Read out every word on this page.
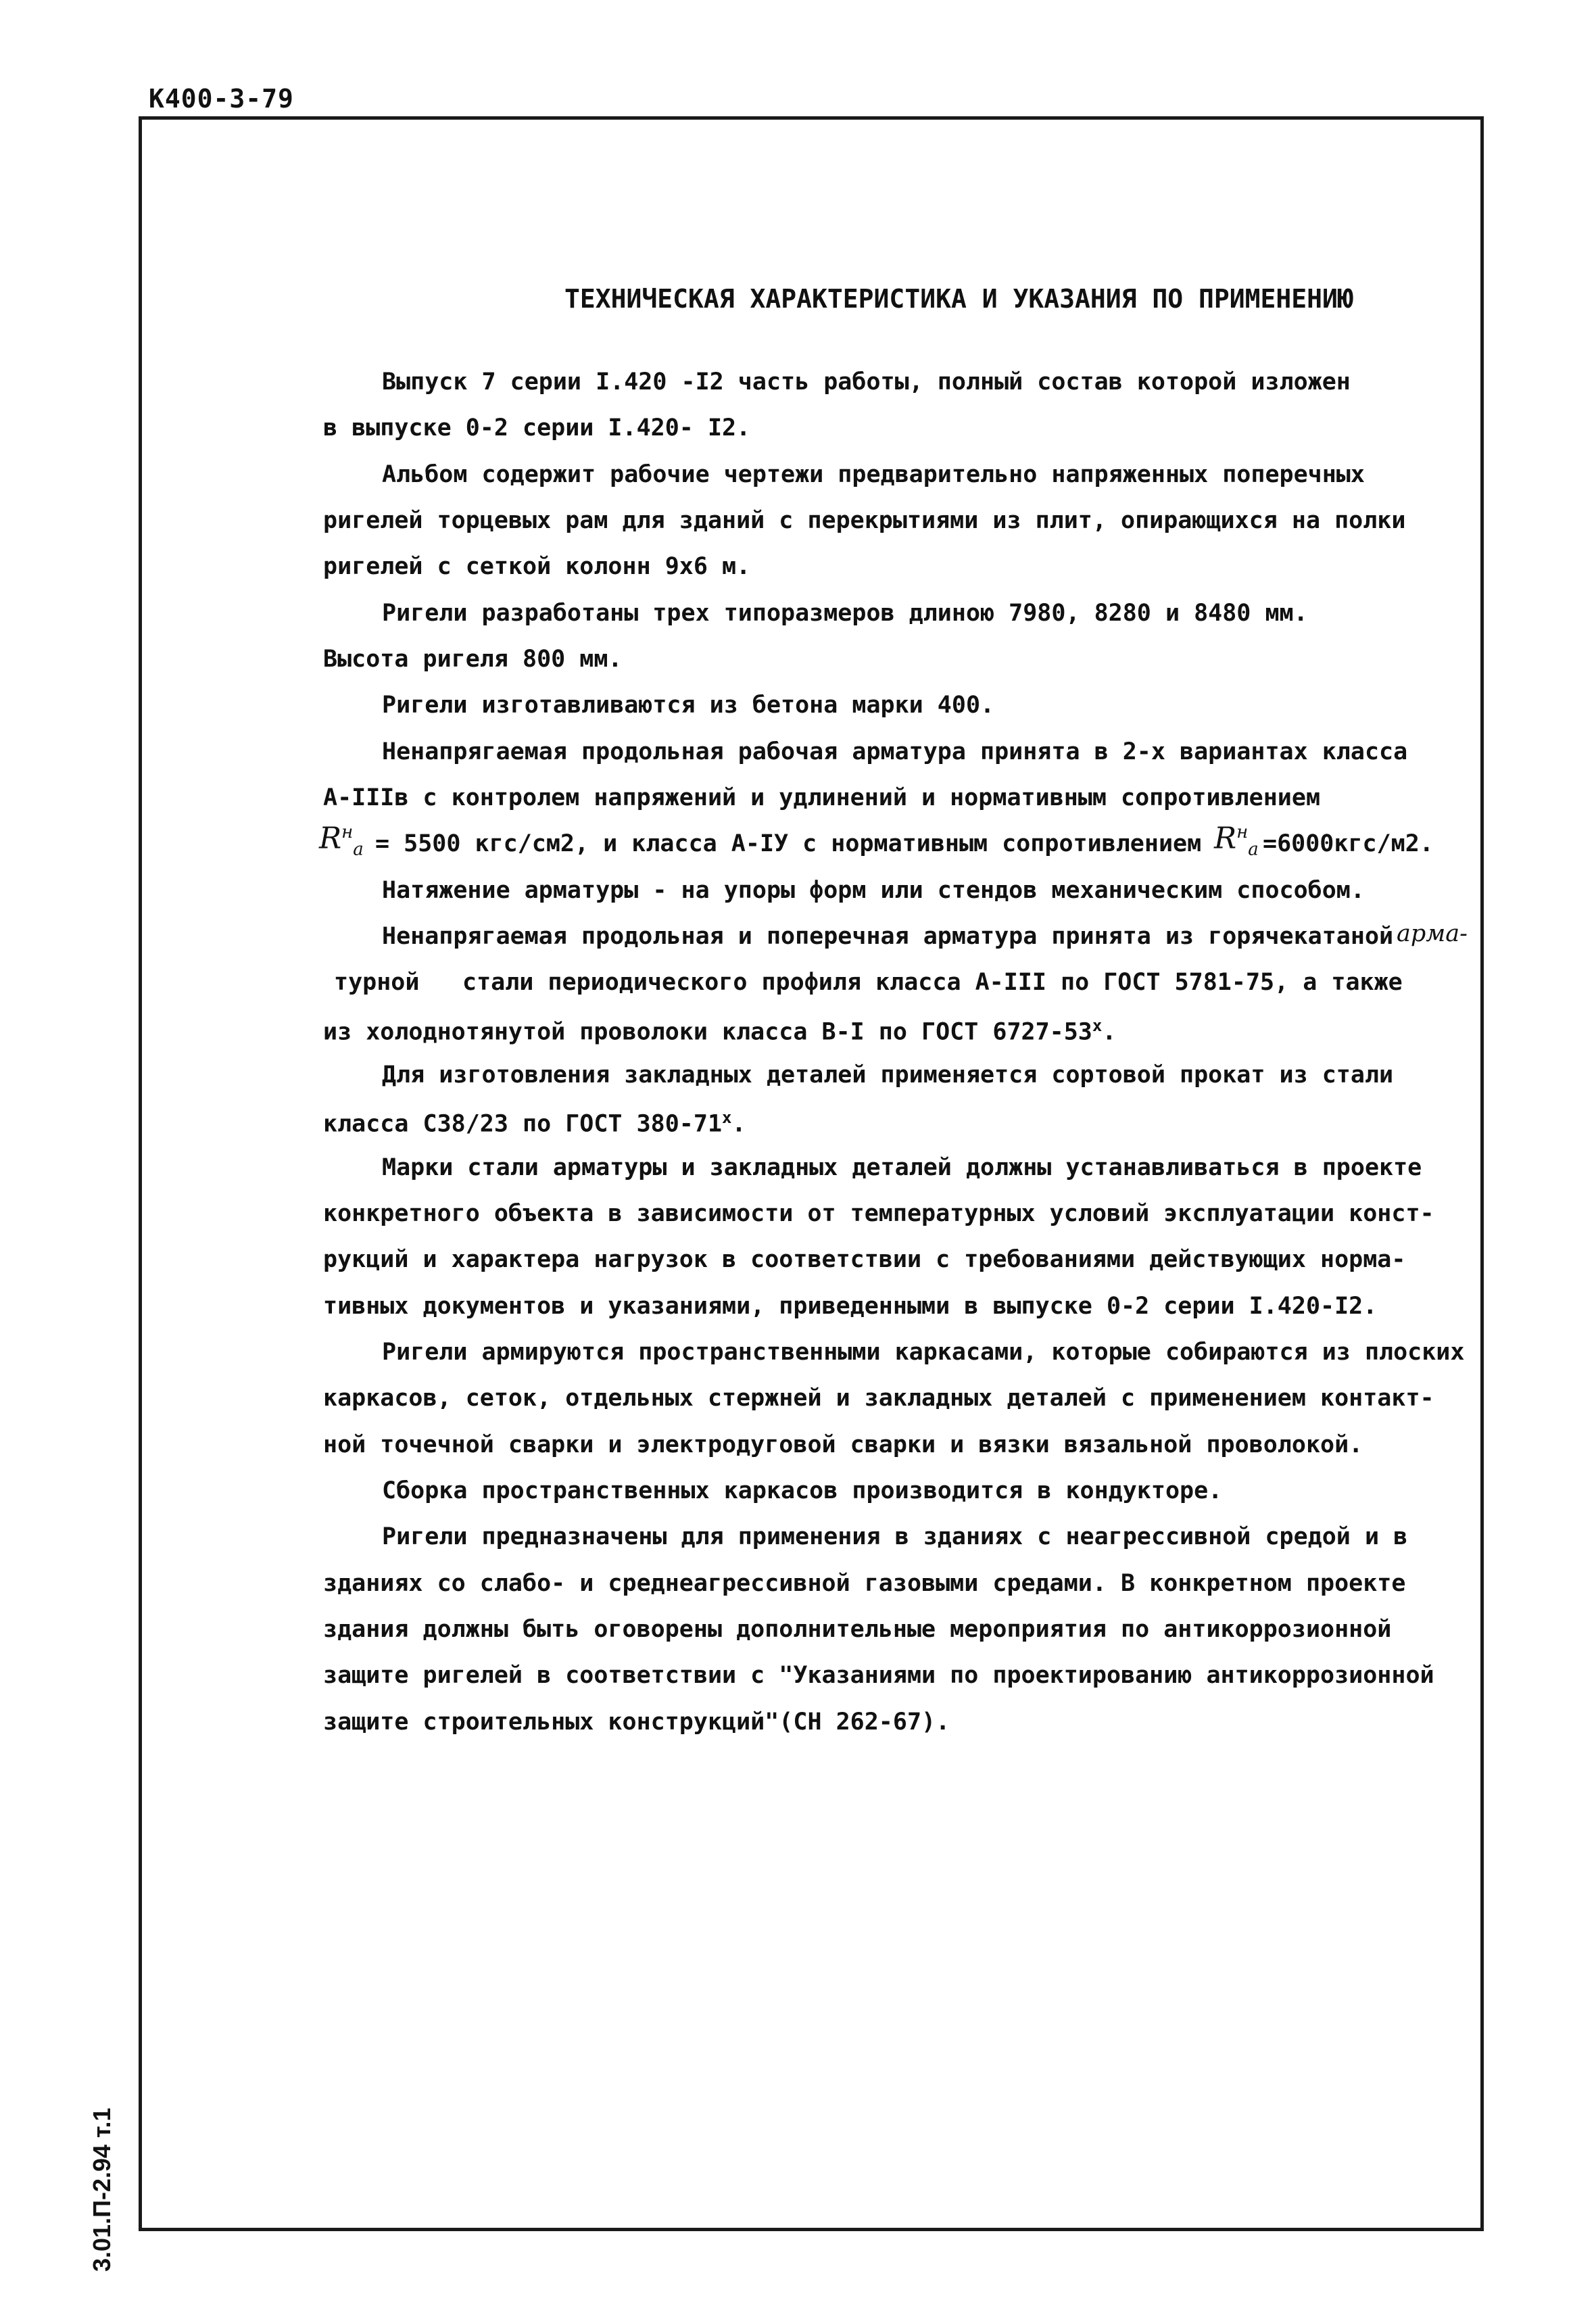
К400-3-79
3.01.П-2.94 т.1
ТЕХНИЧЕСКАЯ ХАРАКТЕРИСТИКА И УКАЗАНИЯ ПО ПРИМЕНЕНИЮ
Выпуск 7 серии I.420 -I2 часть работы, полный состав которой изложен
в выпуске 0-2 серии I.420- I2.
Альбом содержит рабочие чертежи предварительно напряженных поперечных
ригелей торцевых рам для зданий с перекрытиями из плит, опирающихся на полки
ригелей с сеткой колонн 9х6 м.
Ригели разработаны трех типоразмеров длиною 7980, 8280 и 8480 мм.
Высота ригеля 800 мм.
Ригели изготавливаются из бетона марки 400.
Ненапрягаемая продольная рабочая арматура принята в 2-х вариантах класса
А-IIIв с контролем напряжений и удлинений и нормативным сопротивлением
$R^н_а = 5500$ кгс/см2, и класса А-IУ с нормативным сопротивлением $R^н_а =6000кгс/м2$.
Натяжение арматуры - на упоры форм или стендов механическим способом.
Ненапрягаемая продольная и поперечная арматура принята из горячекатаной арма-
турной стали периодического профиля класса А-III по ГОСТ 5781-75, а также
из холоднотянутой проволоки класса В-I по ГОСТ $6727-53^х$.
Для изготовления закладных деталей применяется сортовой прокат из стали
класса С38/23 по ГОСТ $380-71^х$.
Марки стали арматуры и закладных деталей должны устанавливаться в проекте
конкретного объекта в зависимости от температурных условий эксплуатации конст-
рукций и характера нагрузок в соответствии с требованиями действующих норма-
тивных документов и указаниями, приведенными в выпуске 0-2 серии I.420-I2.
Ригели армируются пространственными каркасами, которые собираются из плоских
каркасов, сеток, отдельных стержней и закладных деталей с применением контакт-
ной точечной сварки и электродуговой сварки и вязки вязальной проволокой.
Сборка пространственных каркасов производится в кондукторе.
Ригели предназначены для применения в зданиях с неагрессивной средой и в
зданиях со слабо- и среднеагрессивной газовыми средами. В конкретном проекте
здания должны быть оговорены дополнительные мероприятия по антикоррозионной
защите ригелей в соответствии с "Указаниями по проектированию антикоррозионной
защите строительных конструкций"(СН 262-67).
